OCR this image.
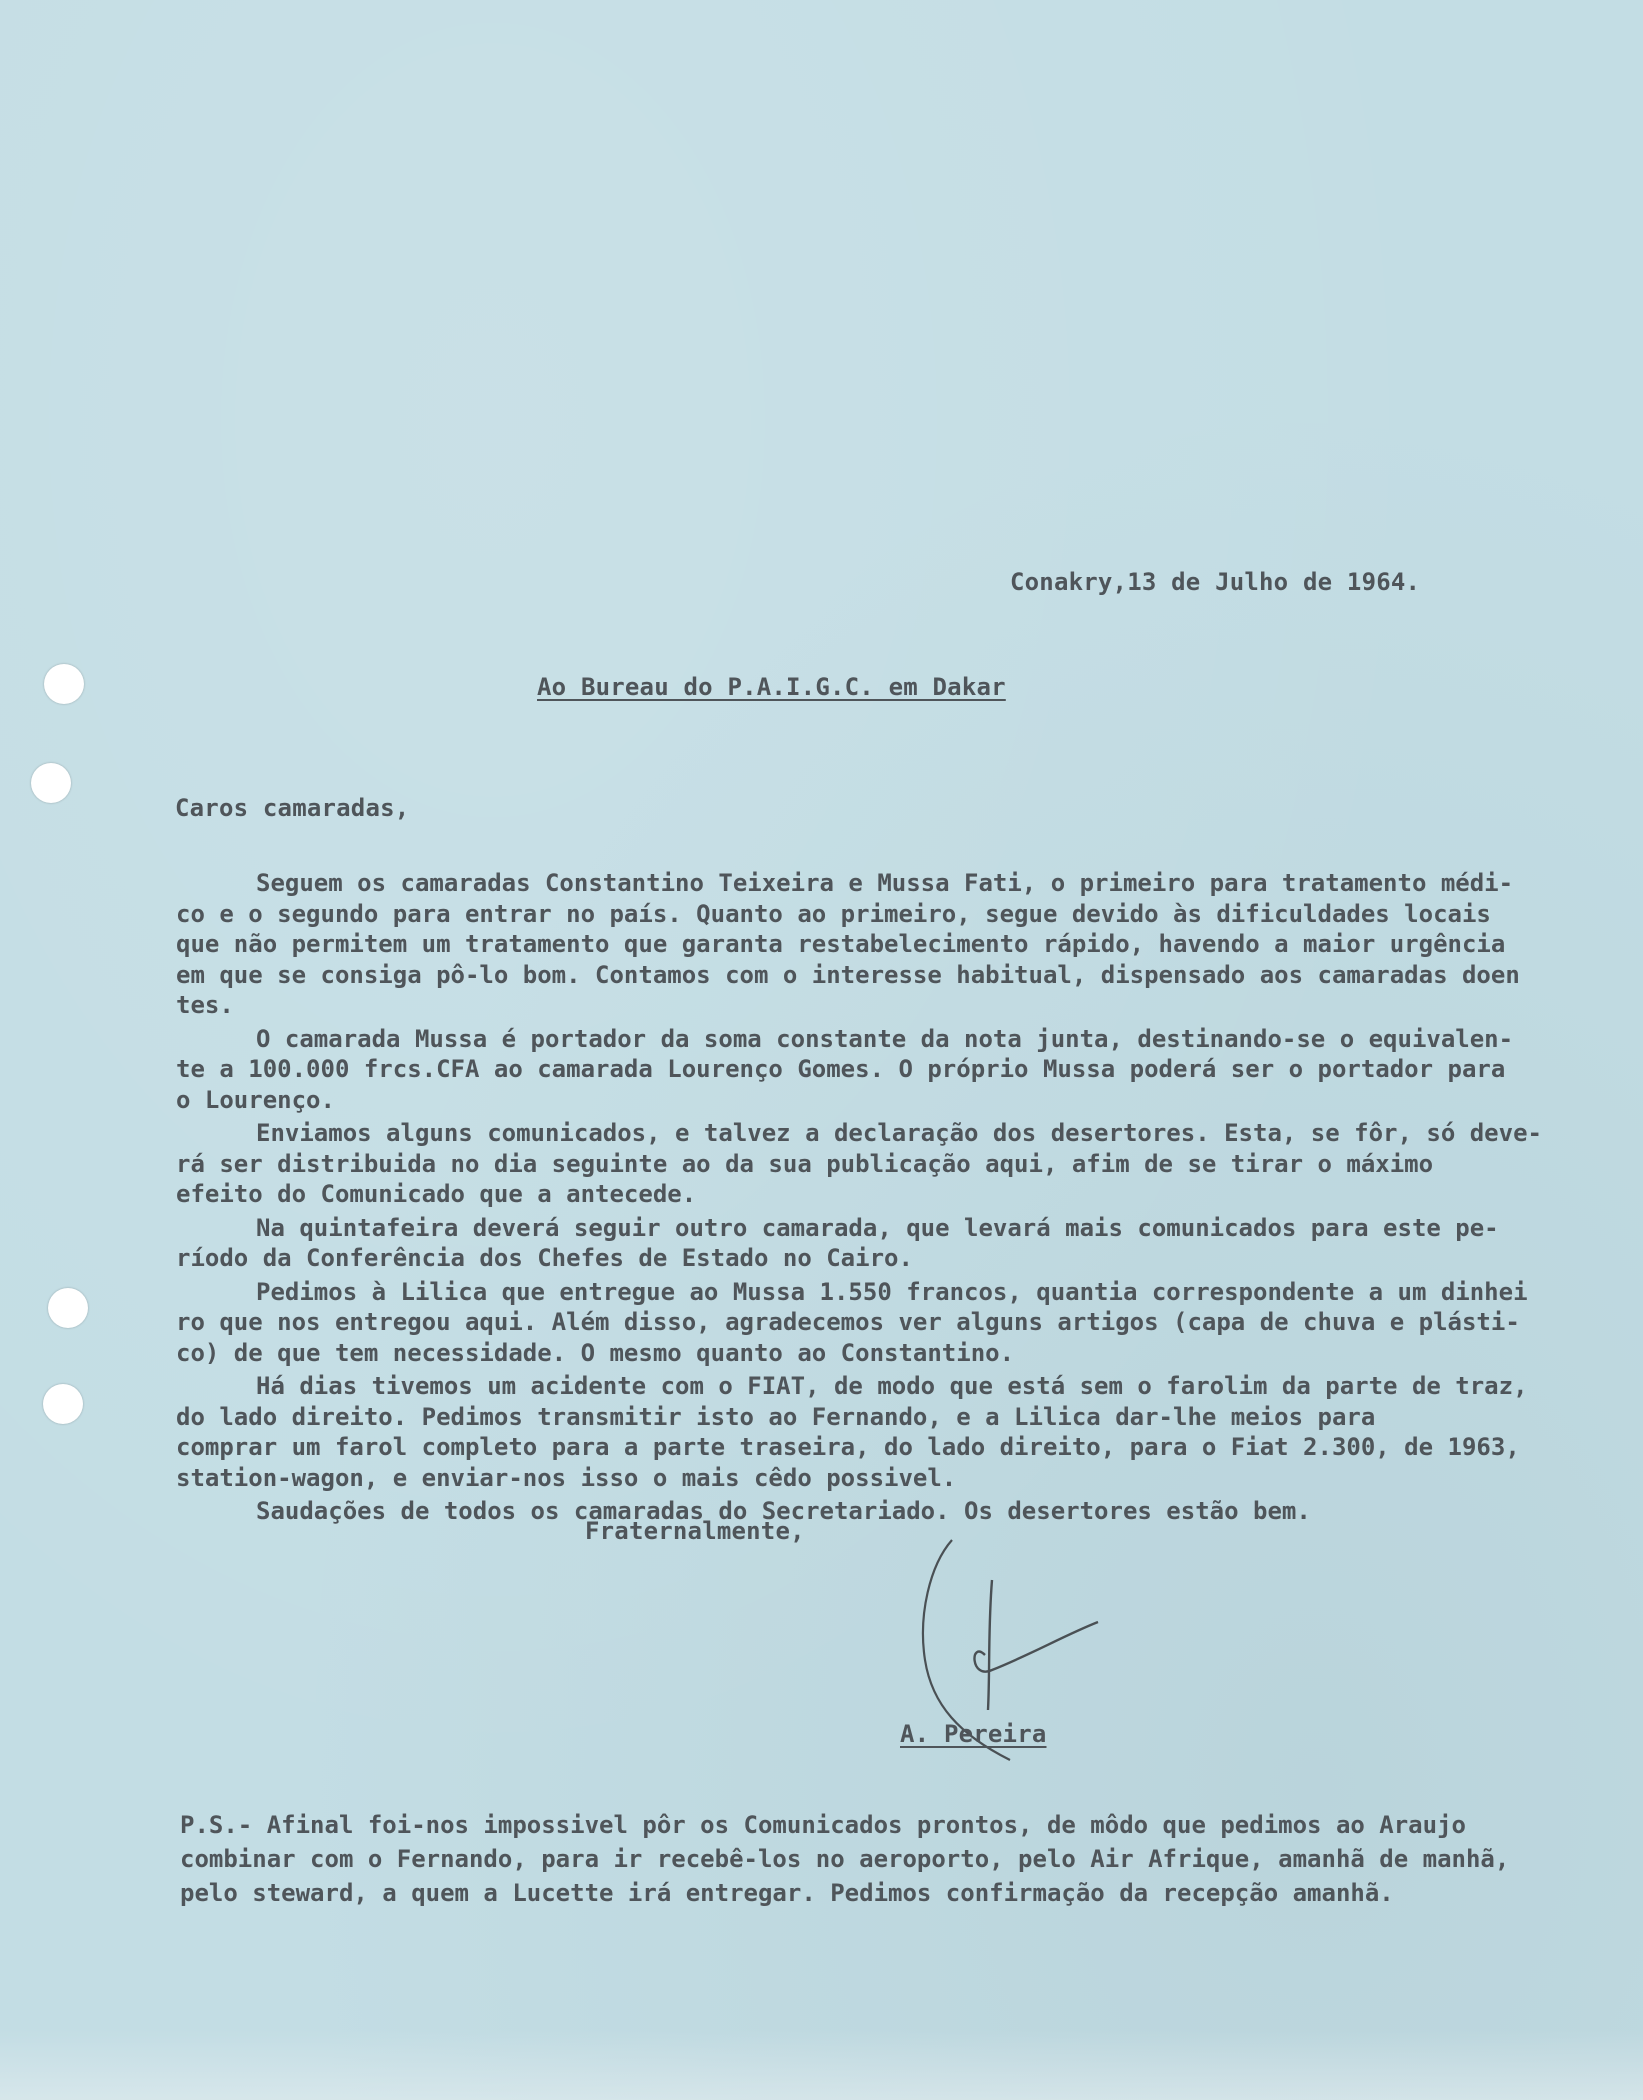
Conakry,13 de Julho de 1964.
Ao Bureau do P.A.I.G.C. em Dakar
Caros camaradas,

Seguem os camaradas Constantino Teixeira e Mussa Fati, o primeiro para tratamento médi-
co e o segundo para entrar no país. Quanto ao primeiro, segue devido às dificuldades locais
que não permitem um tratamento que garanta restabelecimento rápido, havendo a maior urgência
em que se consiga pô-lo bom. Contamos com o interesse habitual, dispensado aos camaradas doen
tes.

O camarada Mussa é portador da soma constante da nota junta, destinando-se o equivalen-
te a 100.000 frcs.CFA ao camarada Lourenço Gomes. O próprio Mussa poderá ser o portador para
o Lourenço.

Enviamos alguns comunicados, e talvez a declaração dos desertores. Esta, se fôr, só deve-
rá ser distribuida no dia seguinte ao da sua publicação aqui, afim de se tirar o máximo
efeito do Comunicado que a antecede.

Na quintafeira deverá seguir outro camarada, que levará mais comunicados para este pe-
ríodo da Conferência dos Chefes de Estado no Cairo.

Pedimos à Lilica que entregue ao Mussa 1.550 francos, quantia correspondente a um dinhei
ro que nos entregou aqui. Além disso, agradecemos ver alguns artigos (capa de chuva e plásti-
co) de que tem necessidade. O mesmo quanto ao Constantino.

Há dias tivemos um acidente com o FIAT, de modo que está sem o farolim da parte de traz,
do lado direito. Pedimos transmitir isto ao Fernando, e a Lilica dar-lhe meios para
comprar um farol completo para a parte traseira, do lado direito, para o Fiat 2.300, de 1963,
station-wagon, e enviar-nos isso o mais cêdo possivel.

Saudações de todos os camaradas do Secretariado. Os desertores estão bem.

Fraternalmente,
A. Pereira
P.S.- Afinal foi-nos impossivel pôr os Comunicados prontos, de môdo que pedimos ao Araujo
combinar com o Fernando, para ir recebê-los no aeroporto, pelo Air Afrique, amanhã de manhã,
pelo steward, a quem a Lucette irá entregar. Pedimos confirmação da recepção amanhã.
